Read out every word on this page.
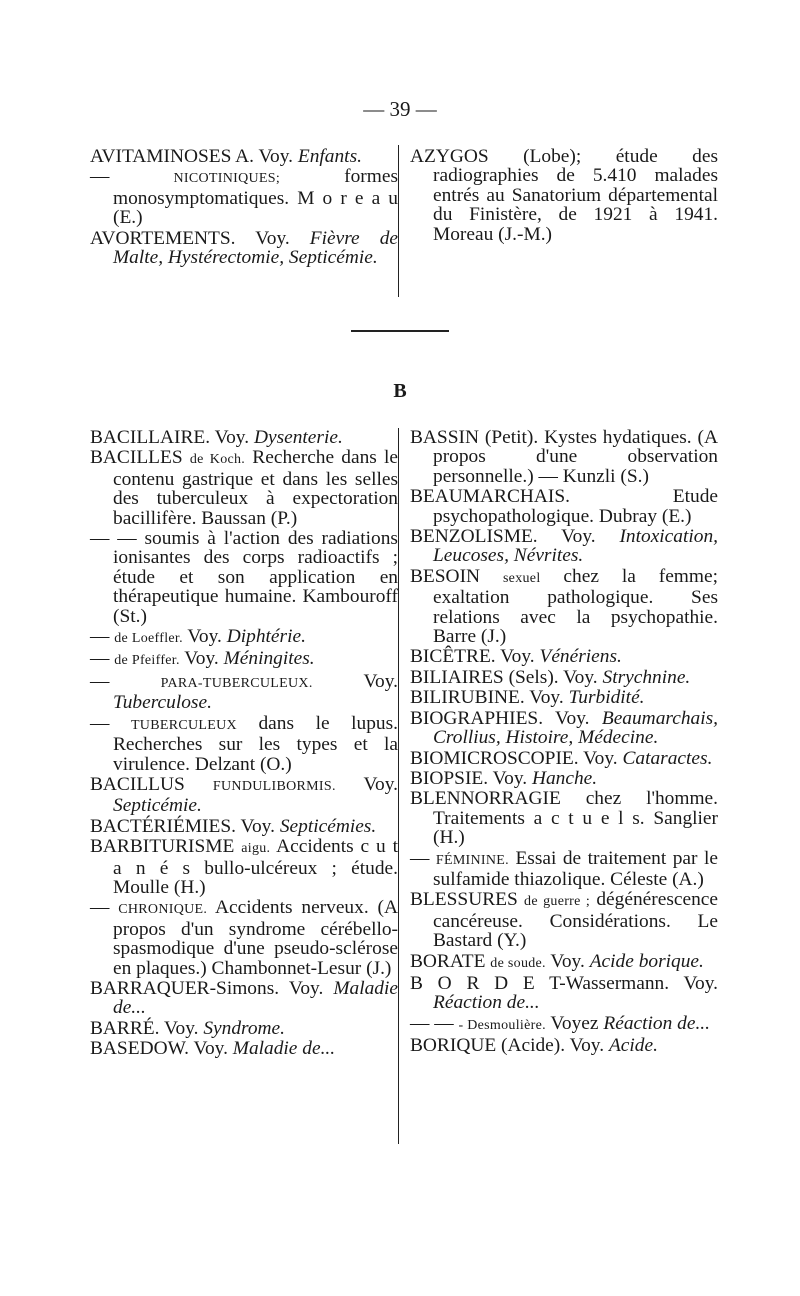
— 39 —

AVITAMINOSES A. Voy. Enfants.

—	NICOTINIQUES;	formes monosymptomatiques. M o r e a u (E.)

AVORTEMENTS. Voy. Fièvre de Malte, Hystérectomie, Septicémie.

AZYGOS (Lobe); étude des radiographies de 5.410 malades entrés au Sanatorium départemental du Finistère, de 1921 à 1941. Moreau (J.-M.)

B

BACILLAIRE. Voy. Dysenterie.

BACILLES de Koch. Recherche dans le contenu gastrique et dans les selles des tuberculeux à expectoration bacillifère. Baussan (P.)

— — soumis à l'action des radiations ionisantes des corps radioactifs ; étude et son application en thérapeutique humaine. Kambouroff (St.)

— de Loeffler. Voy. Diphtérie.

— de Pfeiffer. Voy. Méningites.

—	PARA-TUBERCULEUX.	Voy. Tuberculose.

— TUBERCULEUX dans le lupus. Recherches sur les types et la virulence. Delzant (O.)

BACILLUS FUNDULIBORMIS. Voy. Septicémie.

BACTÉRIÉMIES. Voy. Septicémies.

BARBITURISME aigu. Accidents c u t a n é s bullo-ulcéreux ; étude. Moulle (H.)

— CHRONIQUE. Accidents nerveux. (A propos d'un syndrome cérébello-spasmodique d'une pseudo-sclérose en plaques.) Chambonnet-Lesur (J.)

BARRAQUER-Simons. Voy. Maladie de...

BARRÉ. Voy. Syndrome.

BASEDOW. Voy. Maladie de...

BASSIN (Petit). Kystes hydatiques. (A propos d'une observation personnelle.) — Kunzli (S.)

BEAUMARCHAIS.	Etude psychopathologique. Dubray (E.)

BENZOLISME. Voy. Intoxication, Leucoses, Névrites.

BESOIN sexuel chez la femme; exaltation pathologique. Ses relations avec la psychopathie. Barre (J.)

BICÊTRE. Voy. Vénériens.

BILIAIRES (Sels). Voy. Strychnine.

BILIRUBINE. Voy. Turbidité.

BIOGRAPHIES. Voy. Beaumarchais, Crollius, Histoire, Médecine.

BIOMICROSCOPIE. Voy. Cataractes.

BIOPSIE. Voy. Hanche.

BLENNORRAGIE chez l'homme. Traitements a c t u e l s. Sanglier (H.)

— FÉMININE. Essai de traitement par le sulfamide thiazolique. Céleste (A.)

BLESSURES de guerre ; dégénérescence cancéreuse. Considérations. Le Bastard (Y.)

BORATE de soude. Voy. Acide borique.

B O R D E T-Wassermann. Voy. Réaction de...

— — - Desmoulière. Voyez Réaction de...

BORIQUE (Acide). Voy. Acide.
